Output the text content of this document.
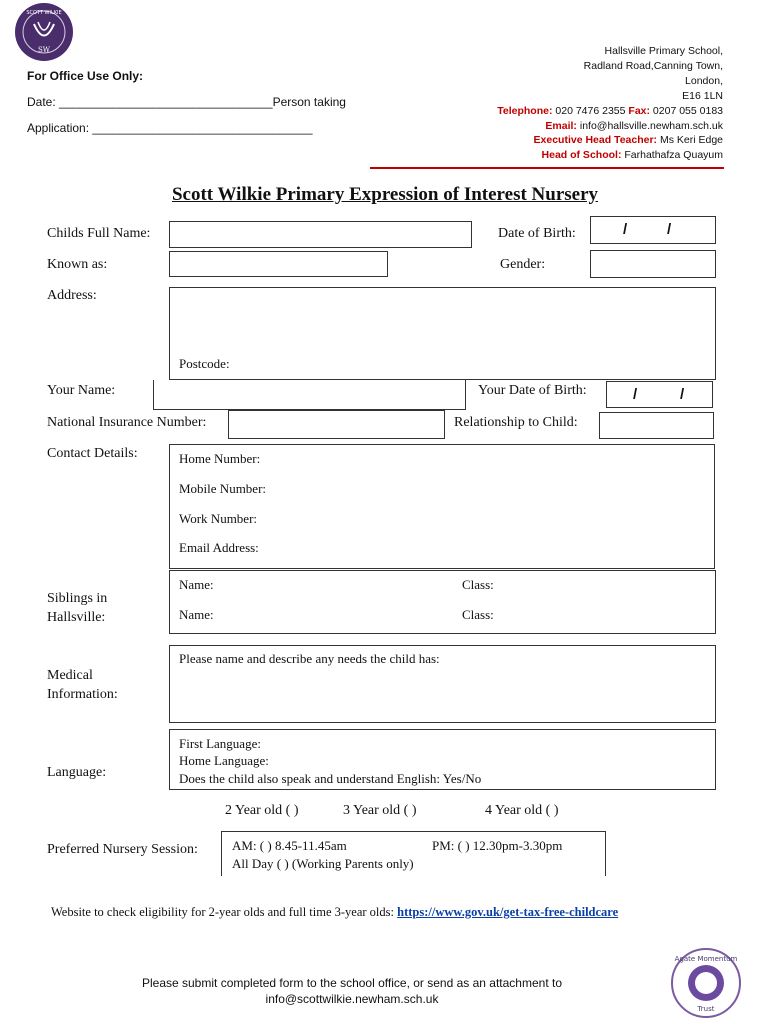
SCOTT WILKIE
SW
For Office Use Only:
Date: ________________________________Person taking
Application: _________________________________
Hallsville Primary School,
Radland Road,Canning Town,
London,
E16 1LN
Telephone: 020 7476 2355 Fax: 0207 055 0183
Email: info@hallsville.newham.sch.uk
Executive Head Teacher: Ms Keri Edge
Head of School: Farhathafza Quayum
Scott Wilkie Primary Expression of Interest Nursery
Childs Full Name:	Date of Birth:	/	/
Known as:	Gender:
Address:
Postcode:
Your Name:	Your Date of Birth:	/	/
National Insurance Number:	Relationship to Child:
Contact Details:	Home Number:
Mobile Number:
Work Number:
Email Address:
Siblings in
Hallsville:
Name:	Class:
Name:	Class:
Medical
Information:
Please name and describe any needs the child has:
Language:
First Language:
Home Language:
Does the child also speak and understand English: Yes/No
2 Year old ( )	3 Year old ( )	4 Year old ( )
Preferred Nursery Session:	AM: ( ) 8.45-11.45am	PM: ( ) 12.30pm-3.30pm
All Day ( ) (Working Parents only)
Website to check eligibility for 2-year olds and full time 3-year olds: https://www.gov.uk/get-tax-free-childcare
Please submit completed form to the school office, or send as an attachment to
info@scottwilkie.newham.sch.uk
Agate Momentum
Trust
